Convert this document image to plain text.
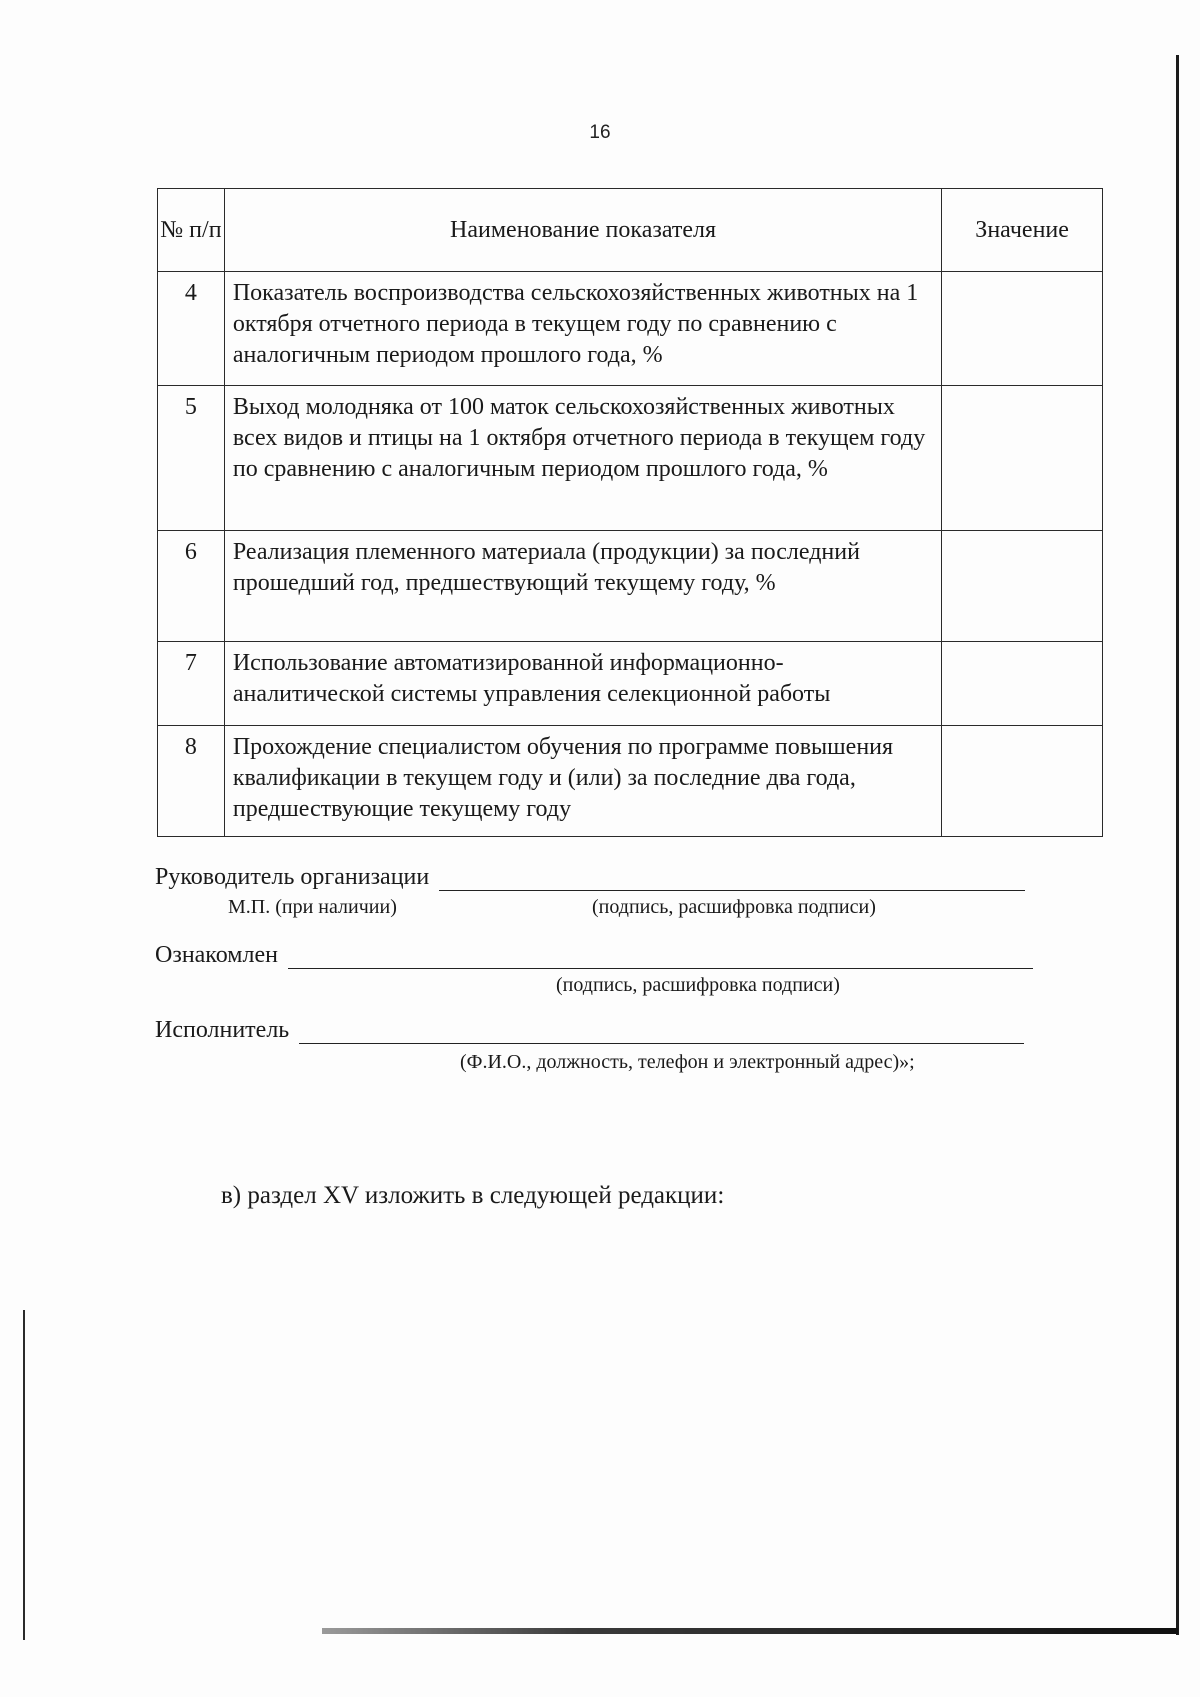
16
№ п/п	Наименование показателя	Значение
4	Показатель воспроизводства сельскохозяйственных животных на 1 октября отчетного периода в текущем году по сравнению с аналогичным периодом прошлого года, %	
5	Выход молодняка от 100 маток сельскохозяйственных животных всех видов и птицы на 1 октября отчетного периода в текущем году по сравнению с аналогичным периодом прошлого года, %	
6	Реализация племенного материала (продукции) за последний прошедший год, предшествующий текущему году, %	
7	Использование автоматизированной информационно-аналитической системы управления селекционной работы	
8	Прохождение специалистом обучения по программе повышения квалификации в текущем году и (или) за последние два года, предшествующие текущему году	
Руководитель организации
М.П. (при наличии)	(подпись, расшифровка подписи)
Ознакомлен
(подпись, расшифровка подписи)
Исполнитель
(Ф.И.О., должность, телефон и электронный адрес)»;
в) раздел XV изложить в следующей редакции:
